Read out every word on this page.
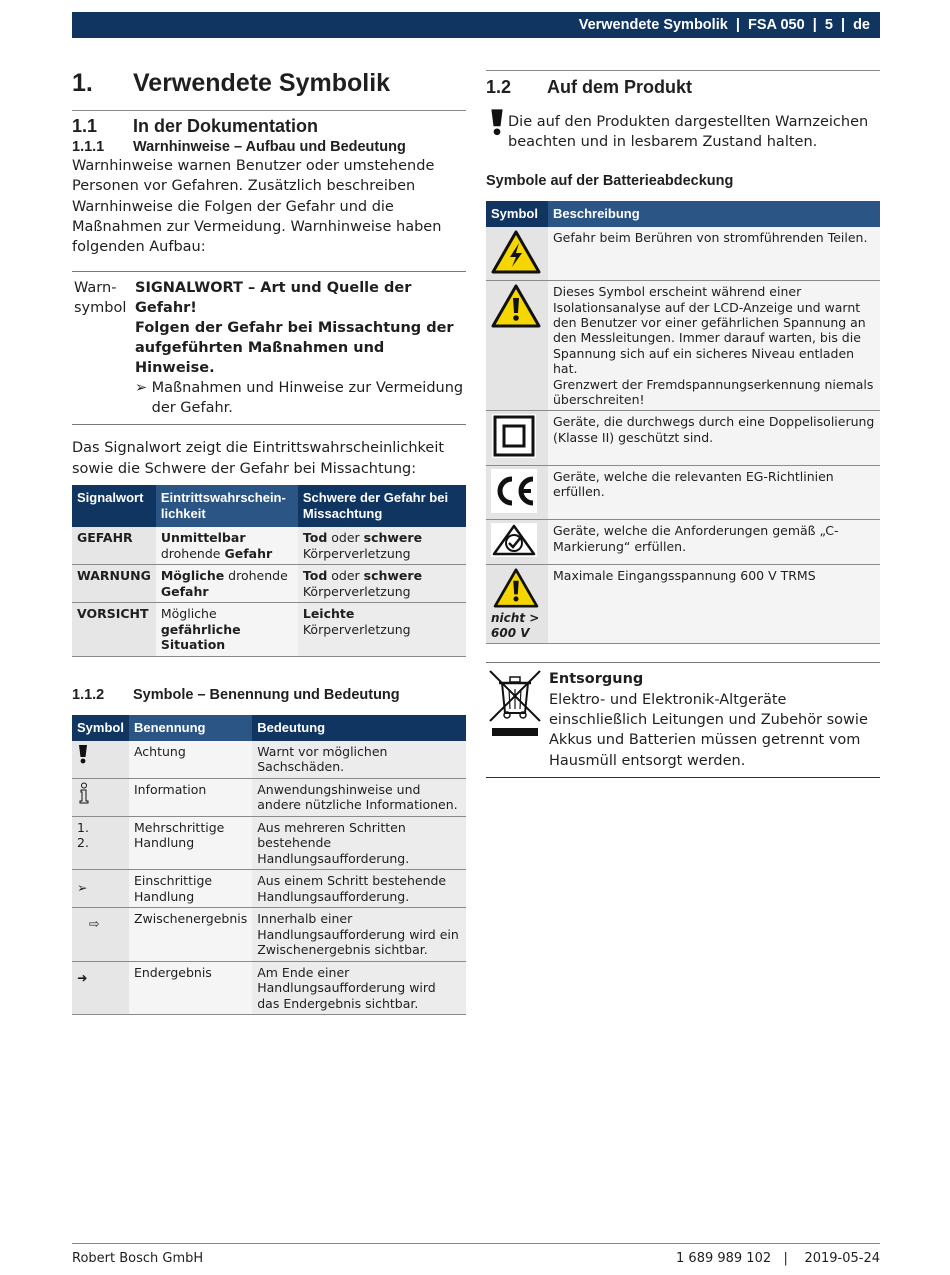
Verwendete Symbolik | FSA 050 | 5 | de
1.	Verwendete Symbolik
1.1	In der Dokumentation
1.1.1	Warnhinweise – Aufbau und Bedeutung

Warnhinweise warnen Benutzer oder umstehende Personen vor Gefahren. Zusätzlich beschreiben Warnhinweise die Folgen der Gefahr und die Maßnahmen zur Vermeidung. Warnhinweise haben folgenden Aufbau:

Warn-
symbol
SIGNALWORT – Art und Quelle der Gefahr!
Folgen der Gefahr bei Missachtung der aufgeführten Maßnahmen und Hinweise.
➢ Maßnahmen und Hinweise zur Vermeidung der Gefahr.

Das Signalwort zeigt die Eintrittswahrscheinlichkeit sowie die Schwere der Gefahr bei Missachtung:

Signalwort	Eintrittswahrschein-lichkeit	Schwere der Gefahr bei Missachtung
GEFAHR	Unmittelbar drohende Gefahr	Tod oder schwere Körperverletzung
WARNUNG	Mögliche drohende Gefahr	Tod oder schwere Körperverletzung
VORSICHT	Mögliche gefährliche Situation	Leichte Körperverletzung
1.1.2	Symbole – Benennung und Bedeutung
Symbol	Benennung	Bedeutung
	Achtung	Warnt vor möglichen Sachschäden.
	Information	Anwendungshinweise und andere nützliche Informationen.

1.
2.	Mehrschrittige Handlung	Aus mehreren Schritten bestehende Handlungsaufforderung.

➢	Einschrittige Handlung	Aus einem Schritt bestehende Handlungsaufforderung.

⇨	Zwischenergebnis	Innerhalb einer Handlungsaufforderung wird ein Zwischenergebnis sichtbar.

➜	Endergebnis	Am Ende einer Handlungsaufforderung wird das Endergebnis sichtbar.
1.2	Auf dem Produkt

Die auf den Produkten dargestellten Warnzeichen beachten und in lesbarem Zustand halten.

Symbole auf der Batterieabdeckung
Symbol	Beschreibung
	Gefahr beim Berühren von stromführenden Teilen.
	Dieses Symbol erscheint während einer Isolationsanalyse auf der LCD-Anzeige und warnt den Benutzer vor einer gefährlichen Spannung an den Messleitungen. Immer darauf warten, bis die Spannung sich auf ein sicheres Niveau entladen hat.
Grenzwert der Fremdspannungserkennung niemals überschreiten!
	Geräte, die durchwegs durch eine Doppelisolierung (Klasse II) geschützt sind.
	Geräte, welche die relevanten EG-Richtlinien erfüllen.
	Geräte, welche die Anforderungen gemäß „C-Markierung“ erfüllen.

nicht > 600 V	Maximale Eingangsspannung 600 V TRMS
Entsorgung
Elektro- und Elektronik-Altgeräte einschließlich Leitungen und Zubehör sowie Akkus und Batterien müssen getrennt vom Hausmüll entsorgt werden.
Robert Bosch GmbH	1 689 989 102   |    2019-05-24
